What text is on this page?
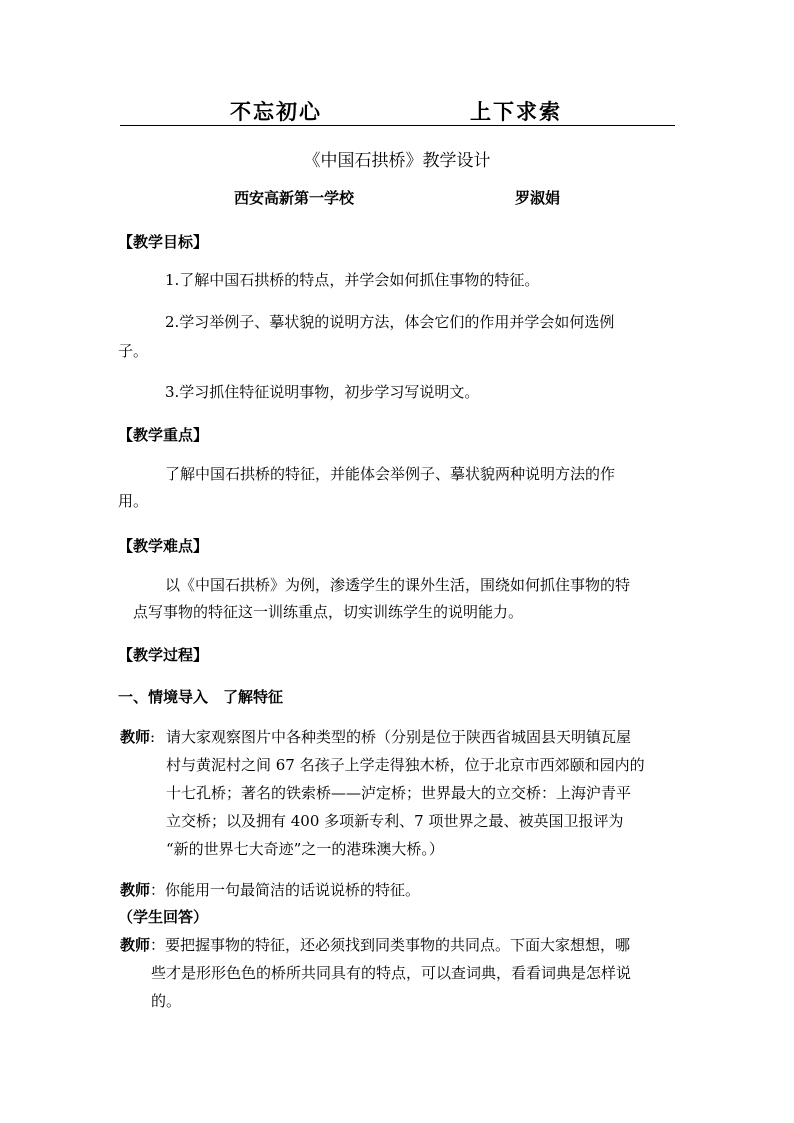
不忘初心	上下求索
《中国石拱桥》教学设计
西安高新第一学校	罗淑娟
【教学目标】
1.了解中国石拱桥的特点，并学会如何抓住事物的特征。
2.学习举例子、摹状貌的说明方法，体会它们的作用并学会如何选例
子。
3.学习抓住特征说明事物，初步学习写说明文。
【教学重点】
了解中国石拱桥的特征，并能体会举例子、摹状貌两种说明方法的作
用。
【教学难点】
以《中国石拱桥》为例，渗透学生的课外生活，围绕如何抓住事物的特
点写事物的特征这一训练重点，切实训练学生的说明能力。
【教学过程】
一、情境导入　了解特征
教师: 请大家观察图片中各种类型的桥（分别是位于陕西省城固县天明镇瓦屋
村与黄泥村之间 67 名孩子上学走得独木桥，位于北京市西郊颐和园内的
十七孔桥；著名的铁索桥——泸定桥；世界最大的立交桥：上海沪青平
立交桥；以及拥有 400 多项新专利、7 项世界之最、被英国卫报评为
“新的世界七大奇迹”之一的港珠澳大桥。）
教师：你能用一句最简洁的话说说桥的特征。
（学生回答）
教师：要把握事物的特征，还必须找到同类事物的共同点。下面大家想想，哪
些才是形形色色的桥所共同具有的特点，可以查词典，看看词典是怎样说
的。
